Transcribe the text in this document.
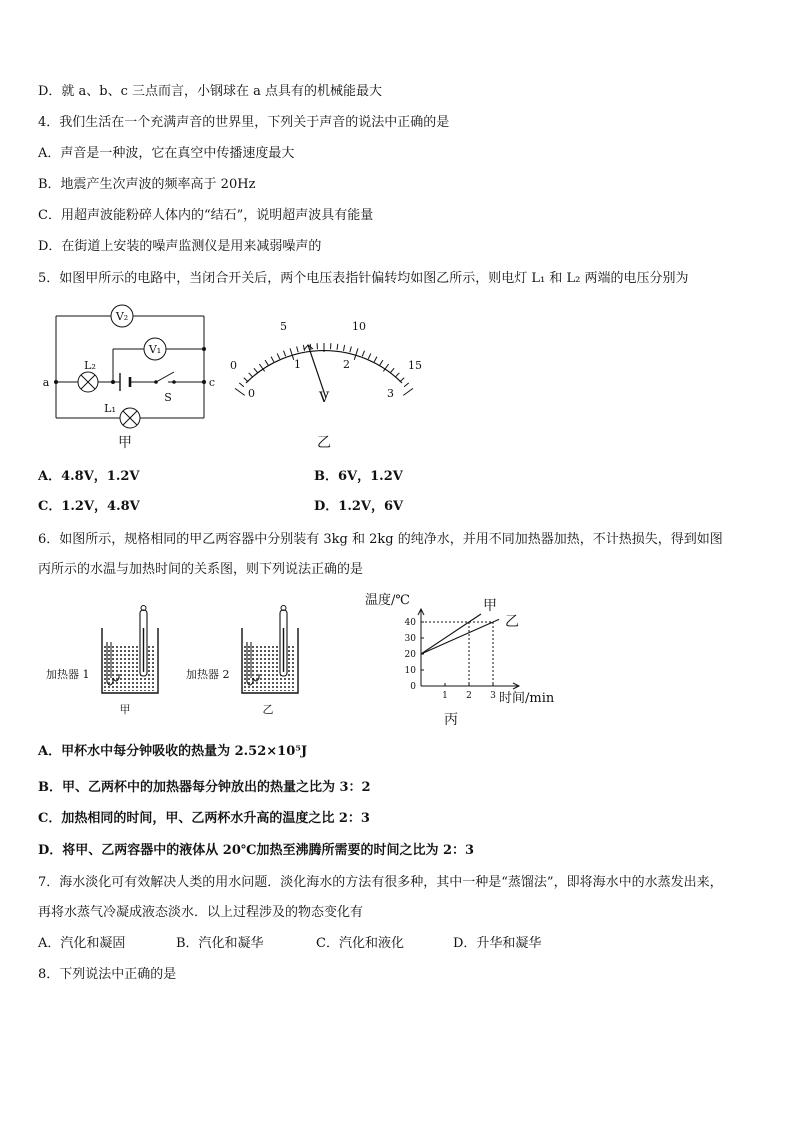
D．就 a、b、c 三点而言，小钢球在 a 点具有的机械能最大
4．我们生活在一个充满声音的世界里，下列关于声音的说法中正确的是
A．声音是一种波，它在真空中传播速度最大
B．地震产生次声波的频率高于 20Hz
C．用超声波能粉碎人体内的“结石”，说明超声波具有能量
D．在街道上安装的噪声监测仪是用来减弱噪声的
5．如图甲所示的电路中，当闭合开关后，两个电压表指针偏转均如图乙所示，则电灯 L₁ 和 L₂ 两端的电压分别为
V₂
V₁
L₂
L₁
a	c
S
甲
0
5	10
15
0
1	2
3
V
乙
A．4.8V，1.2V	B．6V，1.2V
C．1.2V，4.8V	D．1.2V，6V
6．如图所示，规格相同的甲乙两容器中分别装有 3kg 和 2kg 的纯净水，并用不同加热器加热，不计热损失，得到如图
丙所示的水温与加热时间的关系图，则下列说法正确的是
加热器 1
甲
加热器 2
乙
0
10
20
30
40
1 2 3
温度/℃
时间/min
甲
乙
丙
A．甲杯水中每分钟吸收的热量为 2.52×10⁵J
B．甲、乙两杯中的加热器每分钟放出的热量之比为 3：2
C．加热相同的时间，甲、乙两杯水升高的温度之比 2：3
D．将甲、乙两容器中的液体从 20℃加热至沸腾所需要的时间之比为 2：3
7．海水淡化可有效解决人类的用水问题．淡化海水的方法有很多种，其中一种是“蒸馏法”，即将海水中的水蒸发出来，
再将水蒸气冷凝成液态淡水．以上过程涉及的物态变化有
A．汽化和凝固	B．汽化和凝华	C．汽化和液化	D．升华和凝华
8．下列说法中正确的是
